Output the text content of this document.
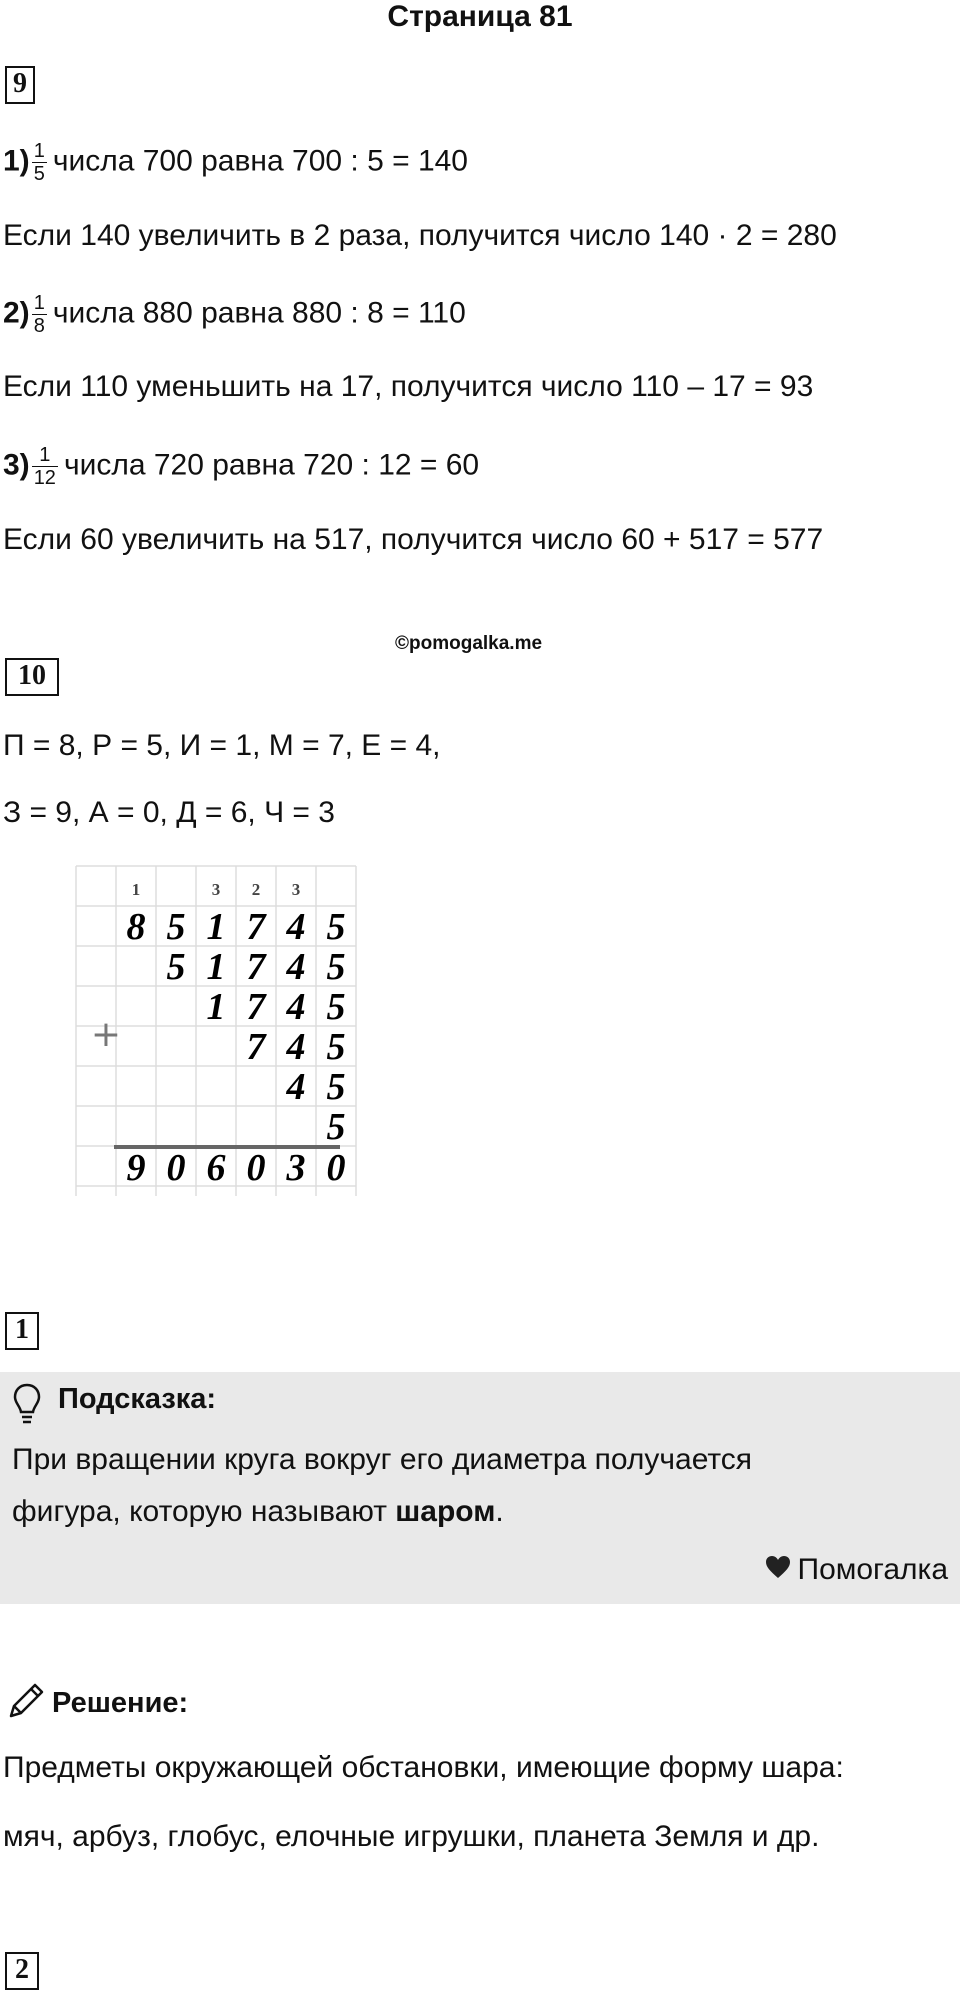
Страница 81
9
$1) \frac{1}{5}$ числа 700 равна 700 : 5 = 140
Если 140 увеличить в 2 раза, получится число 140 · 2 = 280
$2) \frac{1}{8}$ числа 880 равна 880 : 8 = 110
Если 110 уменьшить на 17, получится число 110 – 17 = 93
$3) \frac{1}{12}$ числа 720 равна 720 : 12 = 60
Если 60 увеличить на 517, получится число 60 + 517 = 577
©pomogalka.me
10
П = 8, Р = 5, И = 1, М = 7, Е = 4,
З = 9, А = 0, Д = 6, Ч = 3
1	3 2 3
8 5 1 7 4 5
5 1 7 4 5
1 7 4 5
7 4 5
4 5
5
+
9 0 6 0 3 0
1
Подсказка:
При вращении круга вокруг его диаметра получается
фигура, которую называют шаром.
Помогалка
Решение:
Предметы окружающей обстановки, имеющие форму шара:
мяч, арбуз, глобус, елочные игрушки, планета Земля и др.
2
